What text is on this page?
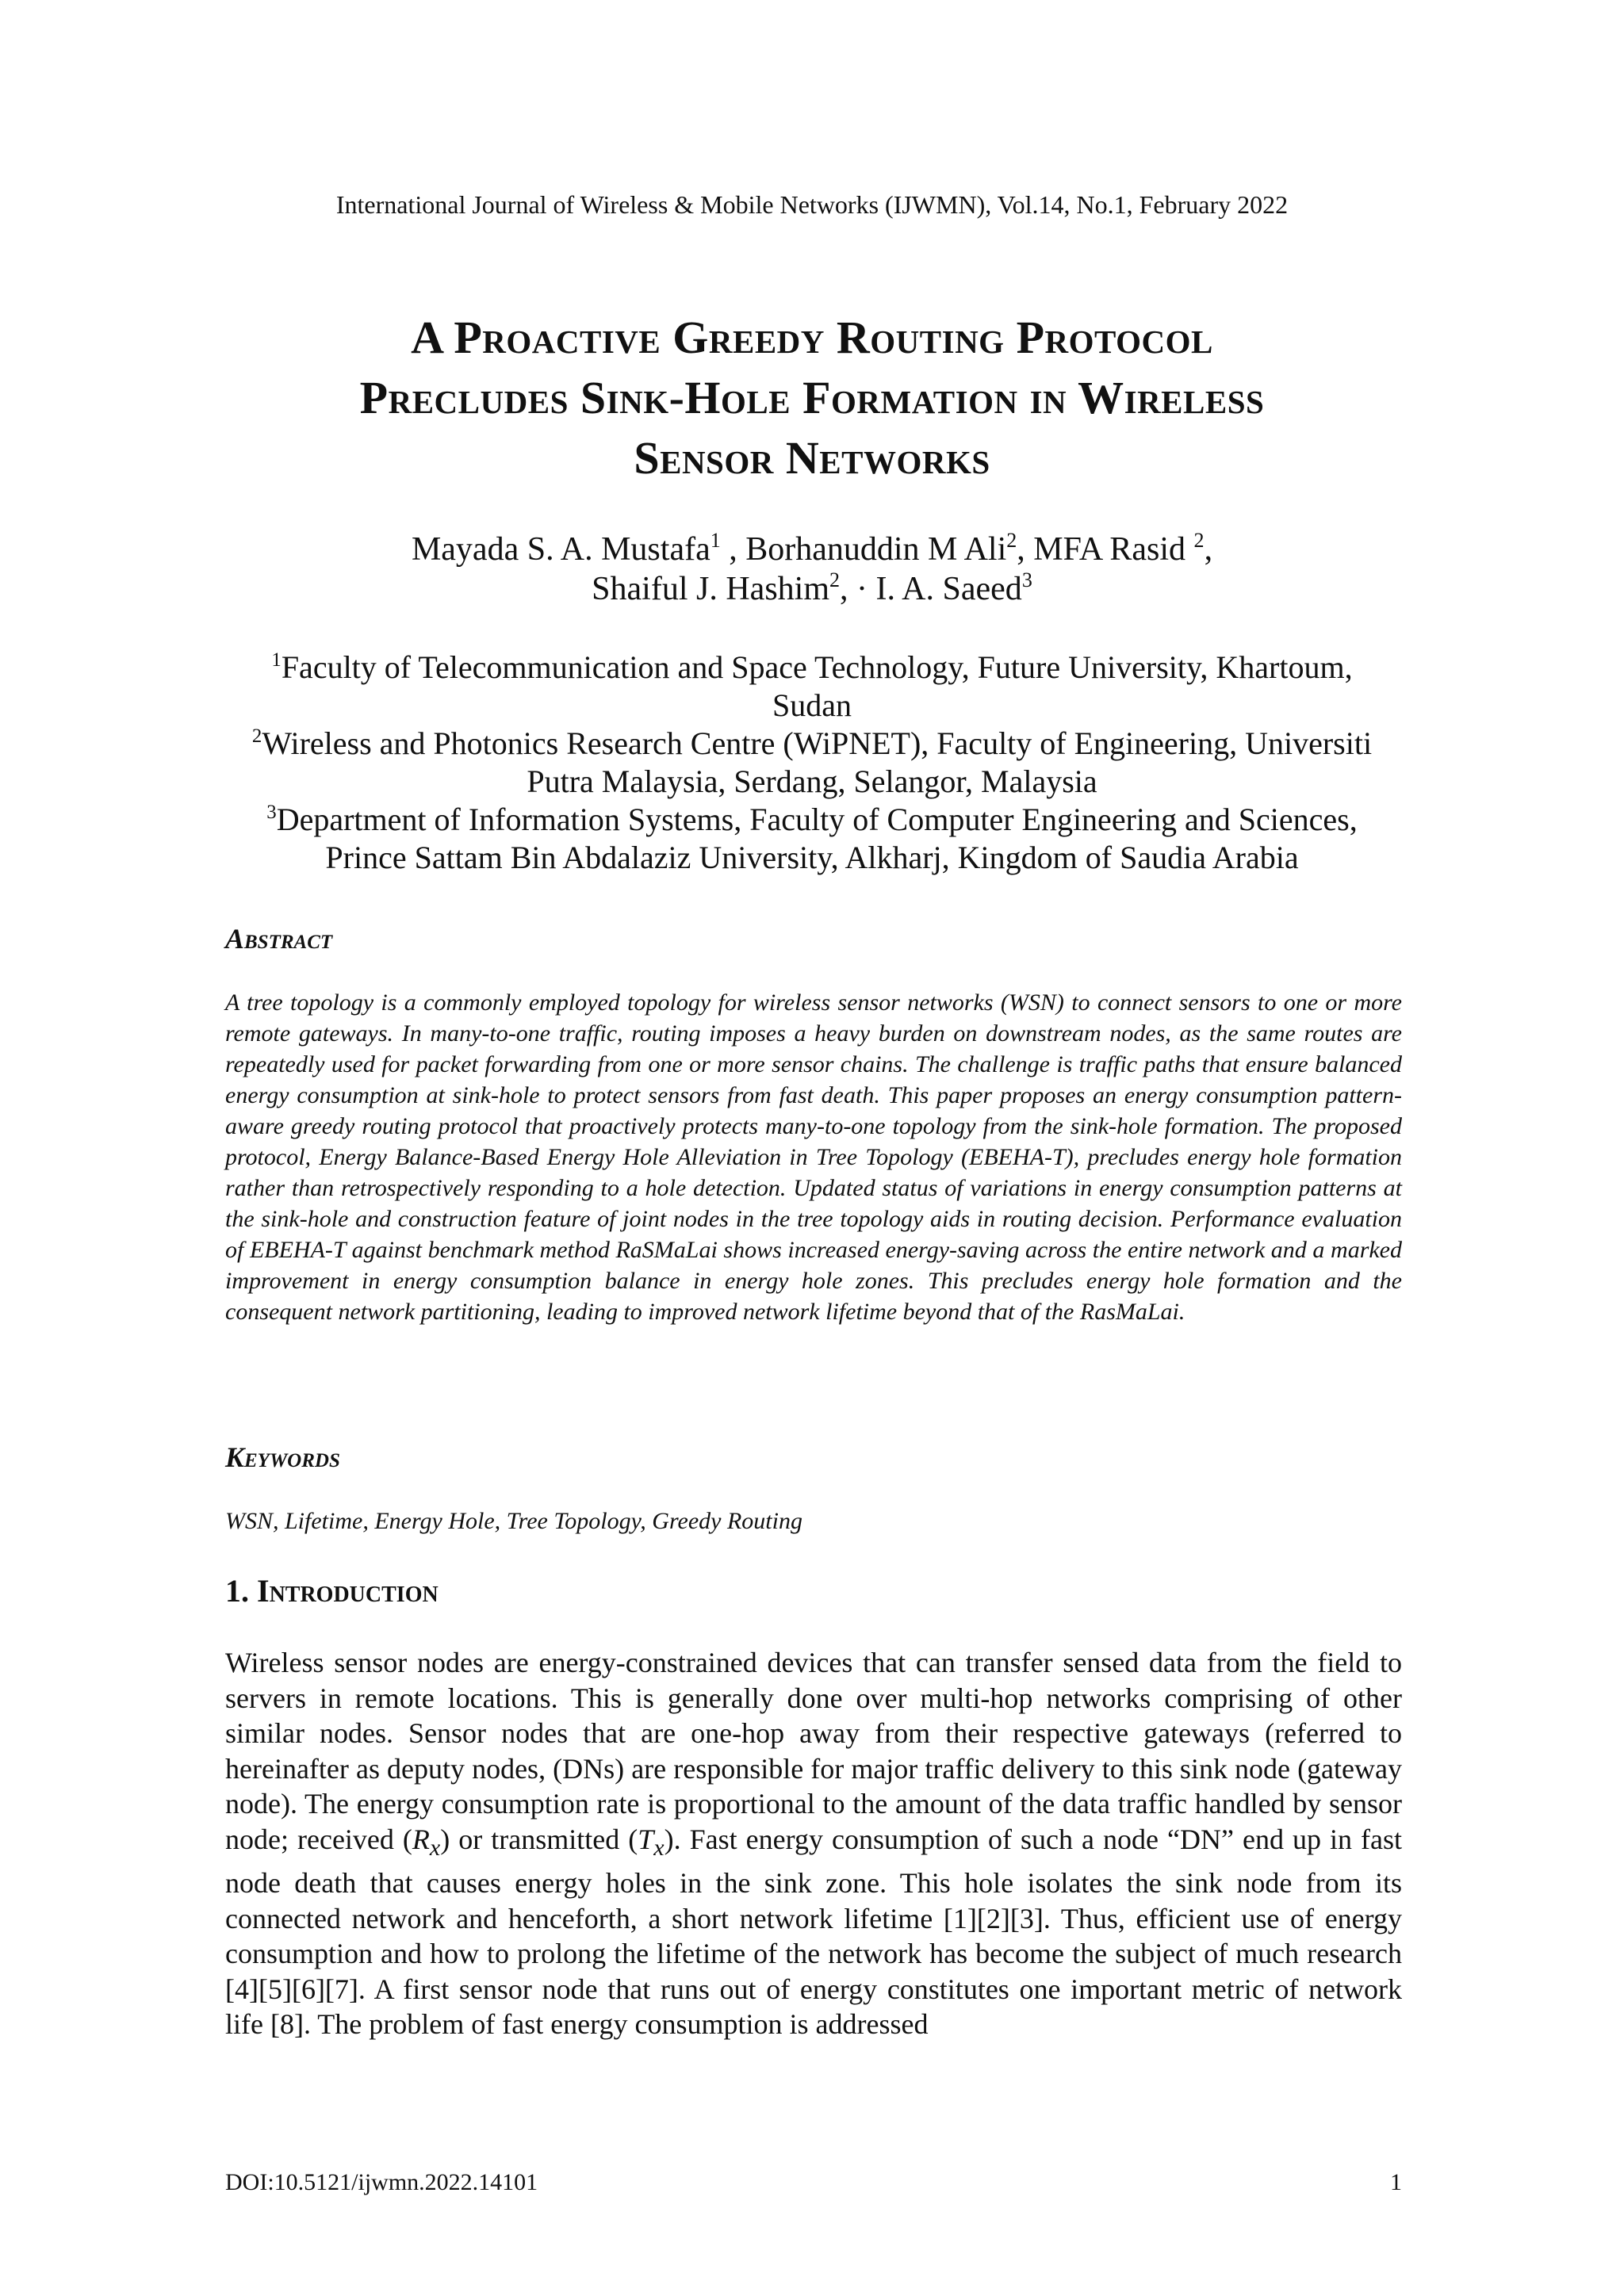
International Journal of Wireless & Mobile Networks (IJWMN), Vol.14, No.1, February 2022
A Proactive Greedy Routing Protocol
Precludes Sink-Hole Formation in Wireless
Sensor Networks
Mayada S. A. Mustafa$^1$ , Borhanuddin M Ali$^2$, MFA Rasid $^2$,
Shaiful J. Hashim$^2$, · I. A. Saeed$^3$
$^1$Faculty of Telecommunication and Space Technology, Future University, Khartoum,
Sudan
$^2$Wireless and Photonics Research Centre (WiPNET), Faculty of Engineering, Universiti
Putra Malaysia, Serdang, Selangor, Malaysia
$^3$Department of Information Systems, Faculty of Computer Engineering and Sciences,
Prince Sattam Bin Abdalaziz University, Alkharj, Kingdom of Saudia Arabia
Abstract
A tree topology is a commonly employed topology for wireless sensor networks (WSN) to connect sensors to one or more remote gateways. In many-to-one traffic, routing imposes a heavy burden on downstream nodes, as the same routes are repeatedly used for packet forwarding from one or more sensor chains. The challenge is traffic paths that ensure balanced energy consumption at sink-hole to protect sensors from fast death. This paper proposes an energy consumption pattern-aware greedy routing protocol that proactively protects many-to-one topology from the sink-hole formation. The proposed protocol, Energy Balance-Based Energy Hole Alleviation in Tree Topology (EBEHA-T), precludes energy hole formation rather than retrospectively responding to a hole detection. Updated status of variations in energy consumption patterns at the sink-hole and construction feature of joint nodes in the tree topology aids in routing decision. Performance evaluation of EBEHA-T against benchmark method RaSMaLai shows increased energy-saving across the entire network and a marked improvement in energy consumption balance in energy hole zones. This precludes energy hole formation and the consequent network partitioning, leading to improved network lifetime beyond that of the RasMaLai.
Keywords
WSN, Lifetime, Energy Hole, Tree Topology, Greedy Routing
1. Introduction

Wireless sensor nodes are energy-constrained devices that can transfer sensed data from the field to servers in remote locations. This is generally done over multi-hop networks comprising of other similar nodes. Sensor nodes that are one-hop away from their respective gateways (referred to hereinafter as deputy nodes, (DNs) are responsible for major traffic delivery to this sink node (gateway node). The energy consumption rate is proportional to the amount of the data traffic handled by sensor node; received $(R_x)$ or transmitted $(T_x)$. Fast energy consumption of such a node “DN” end up in fast node death that causes energy holes in the sink zone. This hole isolates the sink node from its connected network and henceforth, a short network lifetime [1][2][3]. Thus, efficient use of energy consumption and how to prolong the lifetime of the network has become the subject of much research [4][5][6][7]. A first sensor node that runs out of energy constitutes one important metric of network life [8]. The problem of fast energy consumption is addressed

DOI:10.5121/ijwmn.2022.14101	1
